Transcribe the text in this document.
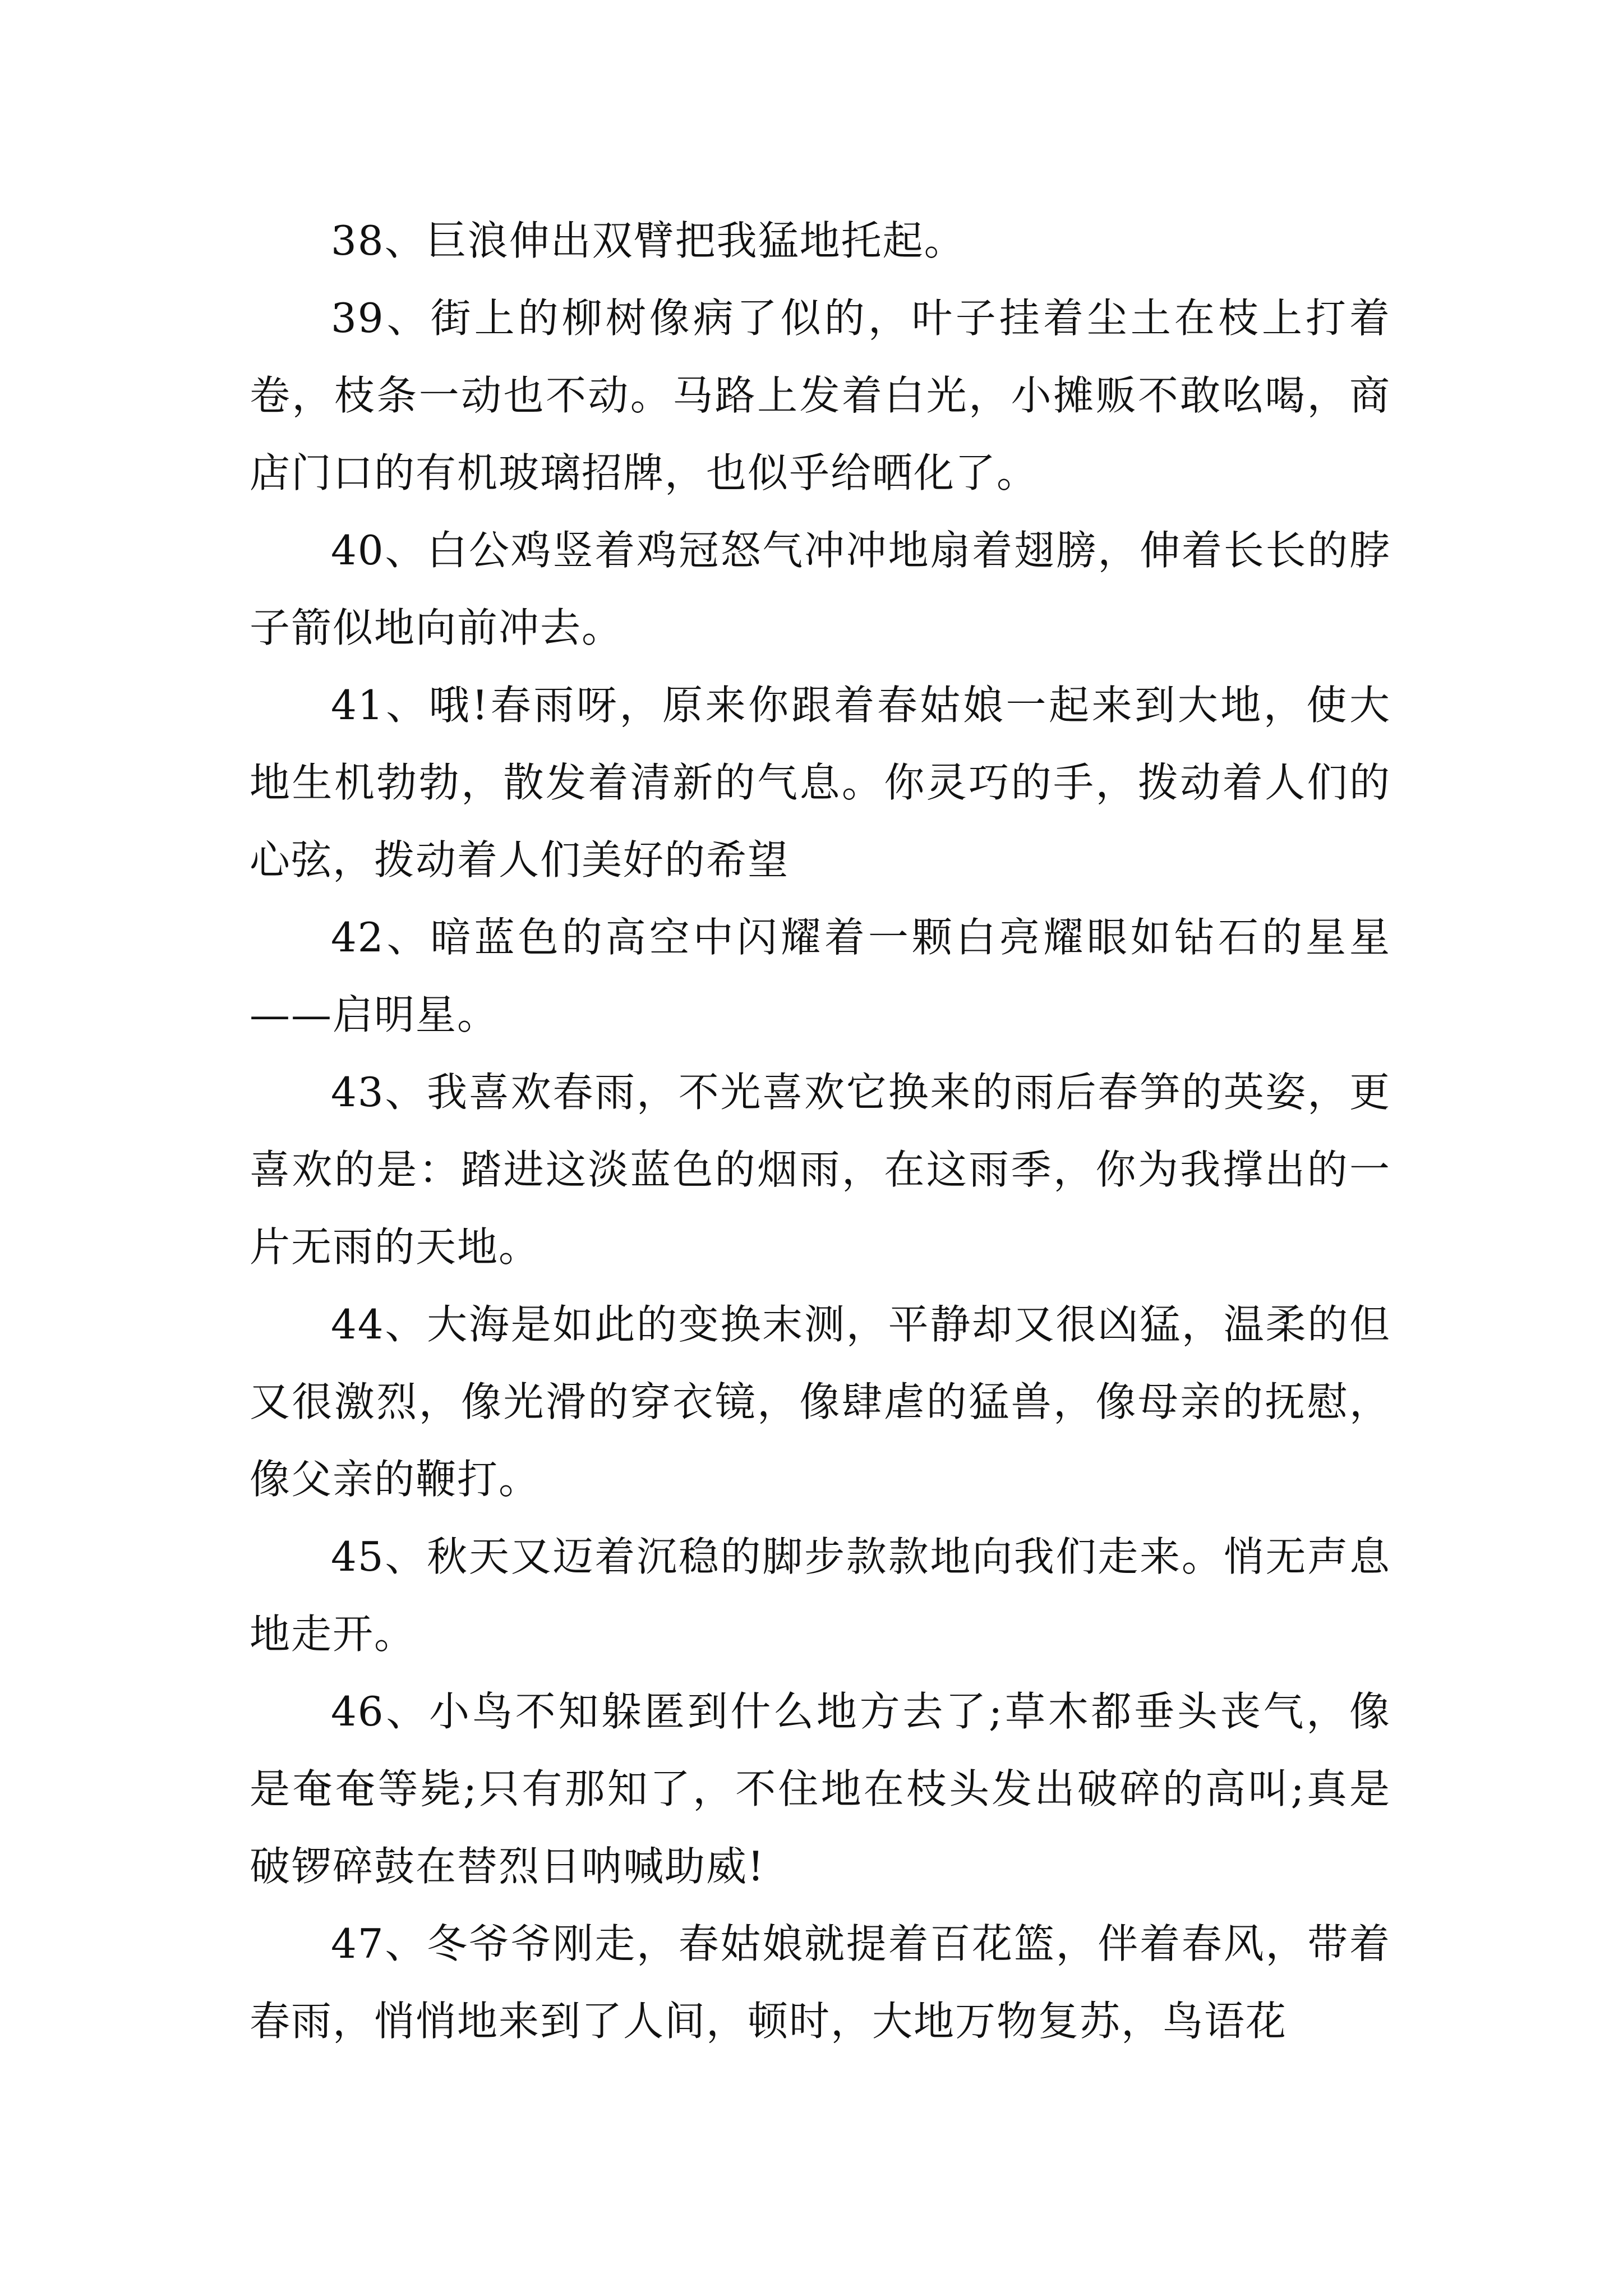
38、巨浪伸出双臂把我猛地托起。

39、街上的柳树像病了似的，叶子挂着尘土在枝上打着卷，枝条一动也不动。马路上发着白光，小摊贩不敢吆喝，商店门口的有机玻璃招牌，也似乎给晒化了。

40、白公鸡竖着鸡冠怒气冲冲地扇着翅膀，伸着长长的脖子箭似地向前冲去。

41、哦!春雨呀，原来你跟着春姑娘一起来到大地，使大地生机勃勃，散发着清新的气息。你灵巧的手，拨动着人们的心弦，拨动着人们美好的希望

42、暗蓝色的高空中闪耀着一颗白亮耀眼如钻石的星星——启明星。

43、我喜欢春雨，不光喜欢它换来的雨后春笋的英姿，更喜欢的是：踏进这淡蓝色的烟雨，在这雨季，你为我撑出的一片无雨的天地。

44、大海是如此的变换末测，平静却又很凶猛，温柔的但又很激烈，像光滑的穿衣镜，像肆虐的猛兽，像母亲的抚慰，像父亲的鞭打。

45、秋天又迈着沉稳的脚步款款地向我们走来。悄无声息地走开。

46、小鸟不知躲匿到什么地方去了;草木都垂头丧气，像是奄奄等毙;只有那知了，不住地在枝头发出破碎的高叫;真是破锣碎鼓在替烈日呐喊助威!

47、冬爷爷刚走，春姑娘就提着百花篮，伴着春风，带着春雨，悄悄地来到了人间，顿时，大地万物复苏，鸟语花
